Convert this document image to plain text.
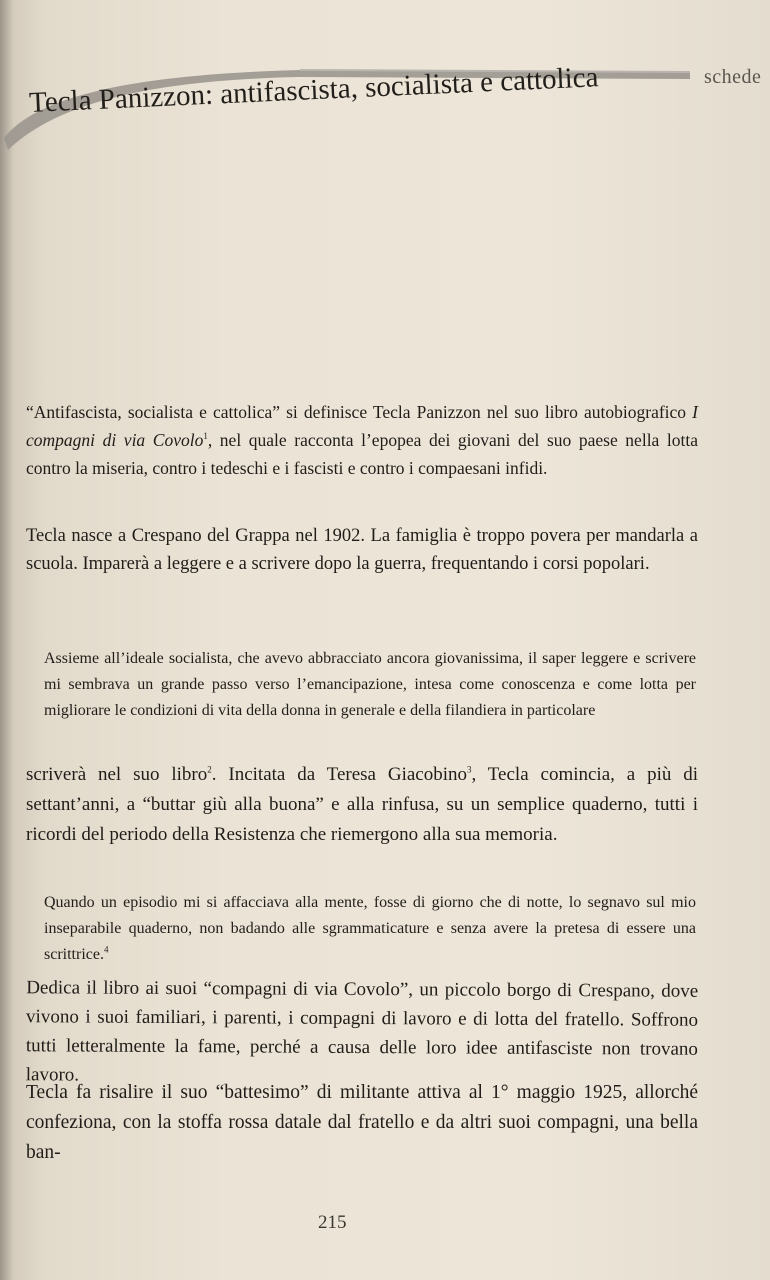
schede
Tecla Panizzon: antifascista, socialista e cattolica

“Antifascista, socialista e cattolica” si definisce Tecla Panizzon nel suo libro autobiografico I compagni di via Covolo$^1$, nel quale racconta l’epopea dei giovani del suo paese nella lotta contro la miseria, contro i tedeschi e i fascisti e contro i compaesani infidi.

Tecla nasce a Crespano del Grappa nel 1902. La famiglia è troppo povera per mandarla a scuola. Imparerà a leggere e a scrivere dopo la guerra, frequentando i corsi popolari.

Assieme all’ideale socialista, che avevo abbracciato ancora giovanissima, il saper leggere e scrivere mi sembrava un grande passo verso l’emancipazione, intesa come conoscenza e come lotta per migliorare le condizioni di vita della donna in generale e della filandiera in particolare

scriverà nel suo libro$^2$. Incitata da Teresa Giacobino$^3$, Tecla comincia, a più di settant’anni, a “buttar giù alla buona” e alla rinfusa, su un semplice quaderno, tutti i ricordi del periodo della Resistenza che riemergono alla sua memoria.

Quando un episodio mi si affacciava alla mente, fosse di giorno che di notte, lo segnavo sul mio inseparabile quaderno, non badando alle sgrammaticature e senza avere la pretesa di essere una scrittrice.$^4$

Dedica il libro ai suoi “compagni di via Covolo”, un piccolo borgo di Crespano, dove vivono i suoi familiari, i parenti, i compagni di lavoro e di lotta del fratello. Soffrono tutti letteralmente la fame, perché a causa delle loro idee antifasciste non trovano lavoro.

Tecla fa risalire il suo “battesimo” di militante attiva al 1° maggio 1925, allorché confeziona, con la stoffa rossa datale dal fratello e da altri suoi compagni, una bella ban-

215
